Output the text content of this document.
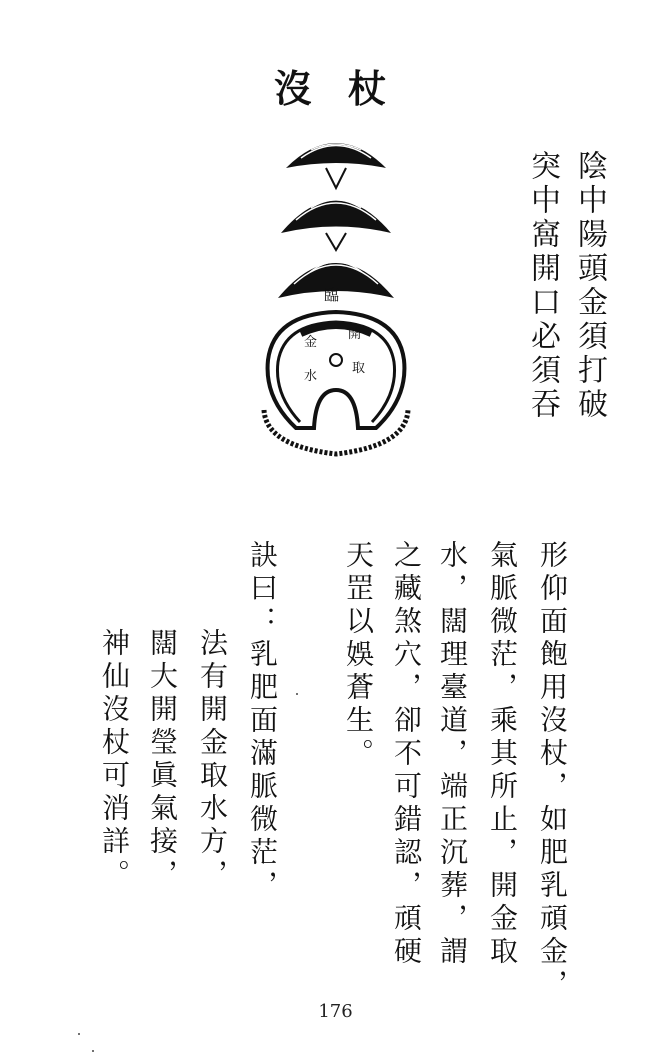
沒杖
臨
開
金
水
取	陰中陽頭金須打破
突中窩開口必須吞
形仰面飽用沒杖，如肥乳頑金，
氣脈微茫，乘其所止，開金取
水，闊理臺道，端正沉葬，謂
之藏煞穴，卻不可錯認，頑硬
天罡以娛蒼生。
訣曰：乳肥面滿脈微茫，
法有開金取水方，
闊大開瑩眞氣接，
神仙沒杖可消詳。
176
